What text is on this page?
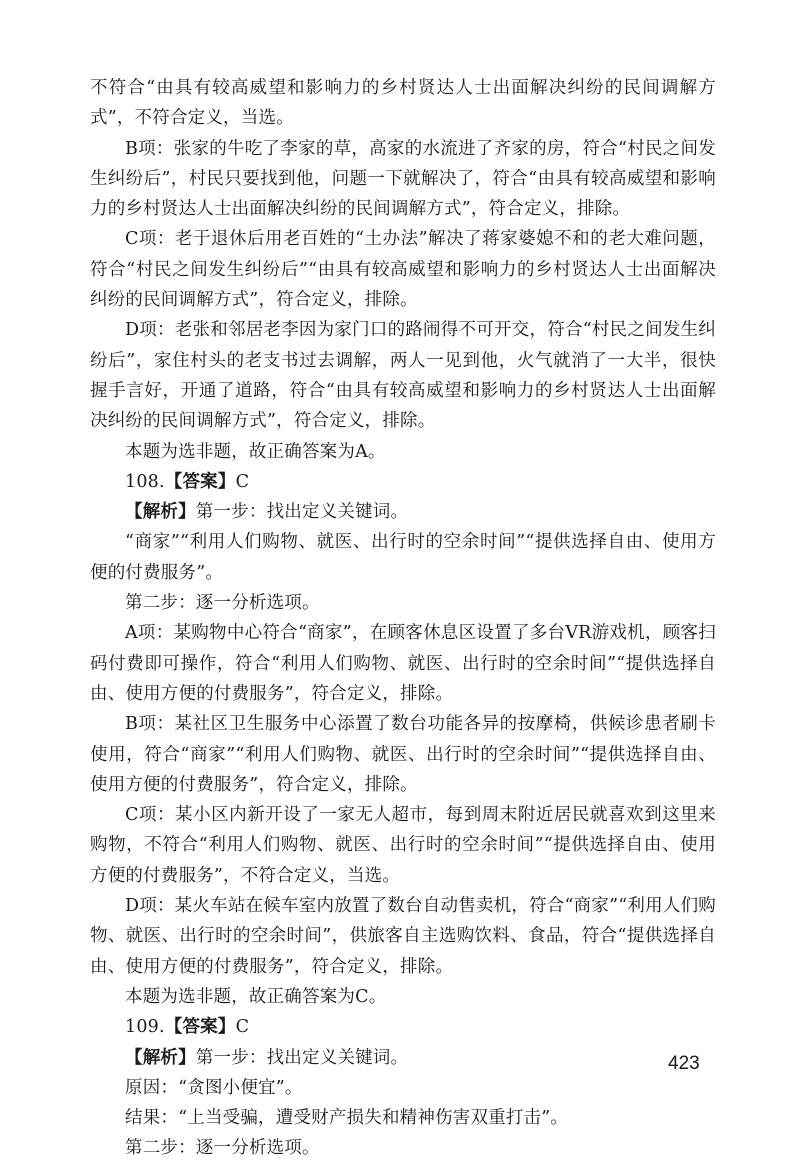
不符合“由具有较高威望和影响力的乡村贤达人士出面解决纠纷的民间调解方式”，不符合定义，当选。

B项：张家的牛吃了李家的草，高家的水流进了齐家的房，符合“村民之间发生纠纷后”，村民只要找到他，问题一下就解决了，符合“由具有较高威望和影响力的乡村贤达人士出面解决纠纷的民间调解方式”，符合定义，排除。

C项：老于退休后用老百姓的“土办法”解决了蒋家婆媳不和的老大难问题，符合“村民之间发生纠纷后”“由具有较高威望和影响力的乡村贤达人士出面解决纠纷的民间调解方式”，符合定义，排除。

D项：老张和邻居老李因为家门口的路闹得不可开交，符合“村民之间发生纠纷后”，家住村头的老支书过去调解，两人一见到他，火气就消了一大半，很快握手言好，开通了道路，符合“由具有较高威望和影响力的乡村贤达人士出面解决纠纷的民间调解方式”，符合定义，排除。

本题为选非题，故正确答案为A。

108.【答案】C

【解析】第一步：找出定义关键词。

“商家”“利用人们购物、就医、出行时的空余时间”“提供选择自由、使用方便的付费服务”。

第二步：逐一分析选项。

A项：某购物中心符合“商家”，在顾客休息区设置了多台VR游戏机，顾客扫码付费即可操作，符合“利用人们购物、就医、出行时的空余时间”“提供选择自由、使用方便的付费服务”，符合定义，排除。

B项：某社区卫生服务中心添置了数台功能各异的按摩椅，供候诊患者刷卡使用，符合“商家”“利用人们购物、就医、出行时的空余时间”“提供选择自由、使用方便的付费服务”，符合定义，排除。

C项：某小区内新开设了一家无人超市，每到周末附近居民就喜欢到这里来购物，不符合“利用人们购物、就医、出行时的空余时间”“提供选择自由、使用方便的付费服务”，不符合定义，当选。

D项：某火车站在候车室内放置了数台自动售卖机，符合“商家”“利用人们购物、就医、出行时的空余时间”，供旅客自主选购饮料、食品，符合“提供选择自由、使用方便的付费服务”，符合定义，排除。

本题为选非题，故正确答案为C。

109.【答案】C

【解析】第一步：找出定义关键词。

原因：“贪图小便宜”。

结果：“上当受骗，遭受财产损失和精神伤害双重打击”。

第二步：逐一分析选项。

423
